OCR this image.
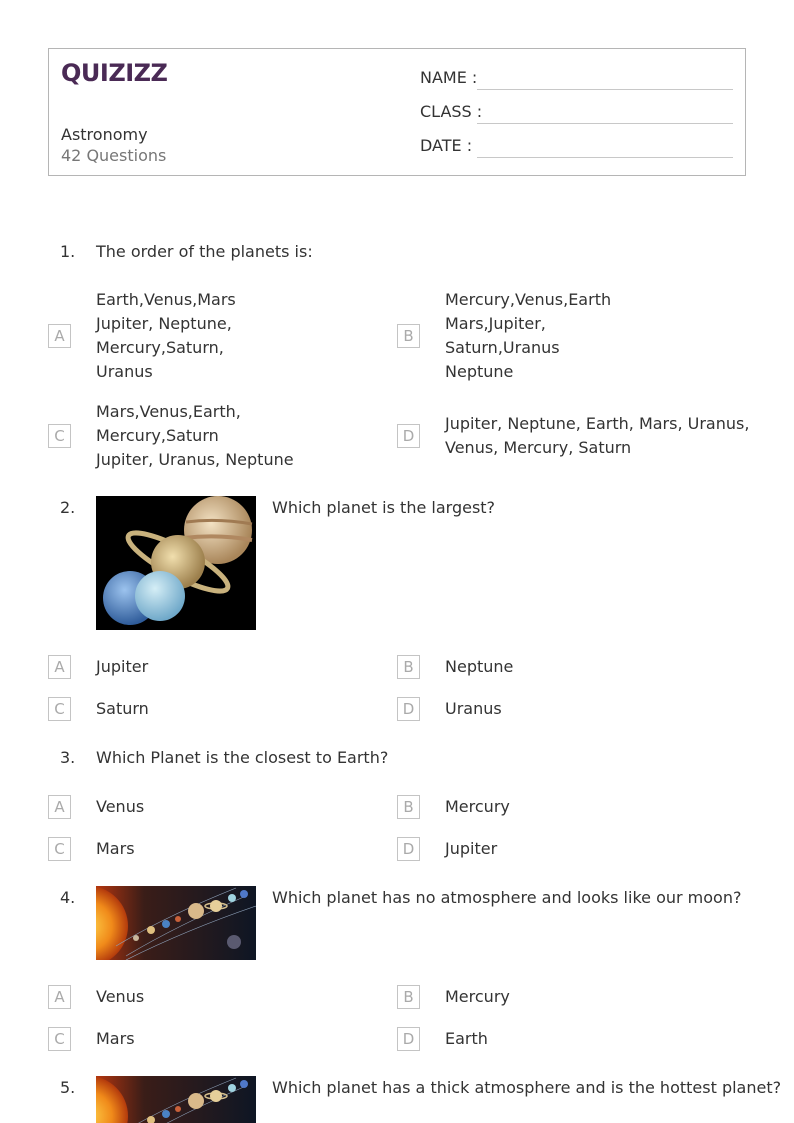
QUIZIZZ
Astronomy
42 Questions
NAME :
CLASS :
DATE :
1. The order of the planets is:
A
Earth,Venus,Mars
Jupiter, Neptune,
Mercury,Saturn,
Uranus
B
Mercury,Venus,Earth
Mars,Jupiter,
Saturn,Uranus
Neptune
C
Mars,Venus,Earth,
Mercury,Saturn
Jupiter, Uranus, Neptune
D
Jupiter, Neptune, Earth, Mars, Uranus,
Venus, Mercury, Saturn
2.	Which planet is the largest?
A	Jupiter	B	Neptune
C	Saturn	D	Uranus
3. Which Planet is the closest to Earth?
A	Venus	B	Mercury
C	Mars	D	Jupiter
4.	Which planet has no atmosphere and looks like our moon?
A	Venus	B	Mercury
C	Mars	D	Earth
5.	Which planet has a thick atmosphere and is the hottest planet?
